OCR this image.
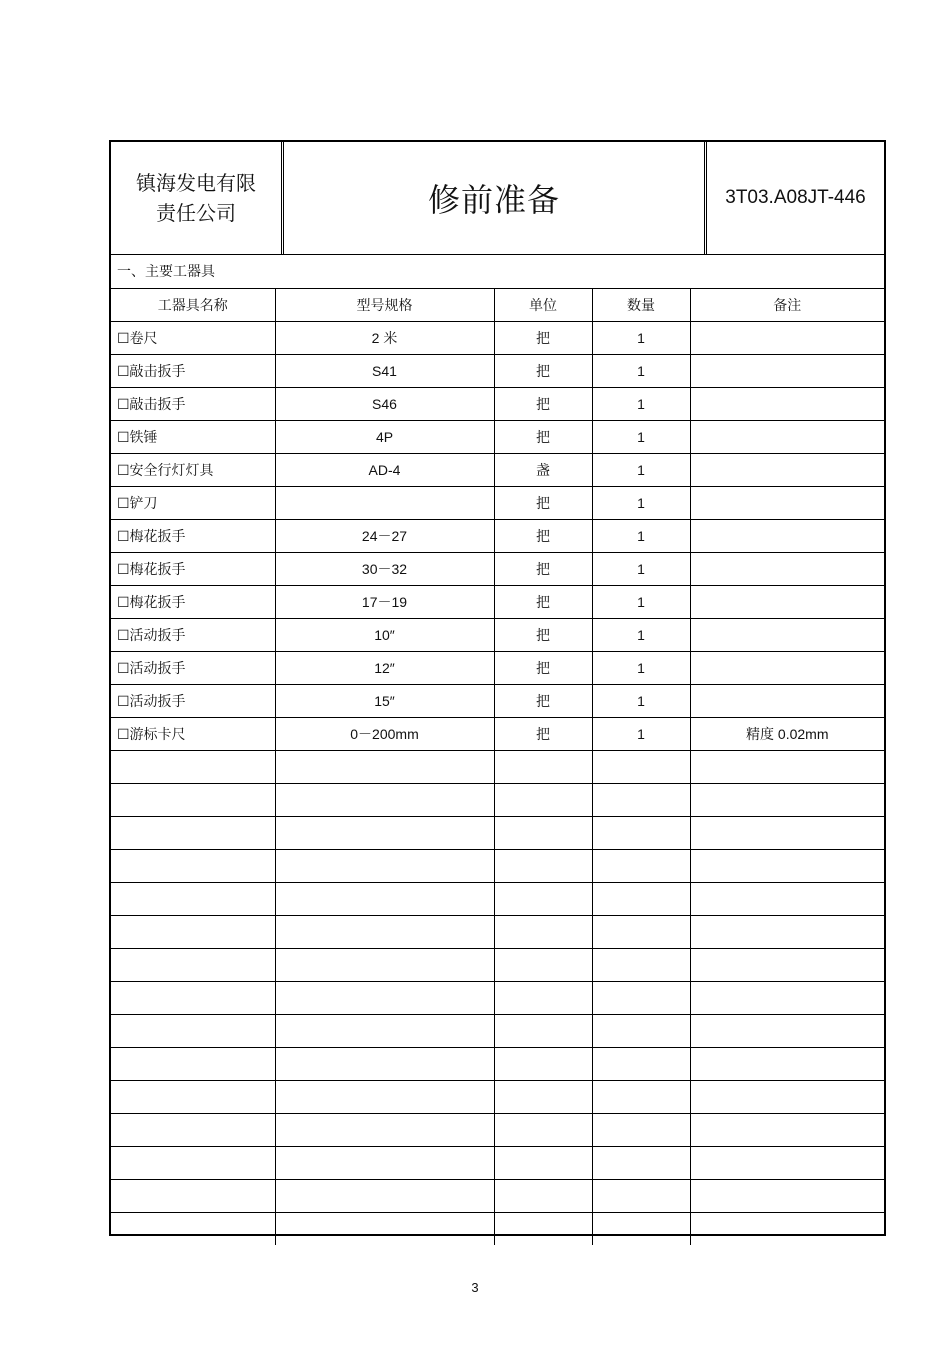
镇海发电有限
责任公司	修前准备	3T03.A08JT-446
一、主要工器具
工器具名称	型号规格	单位	数量	备注
☐卷尺	2 米	把	1	
☐敲击扳手	S41	把	1	
☐敲击扳手	S46	把	1	
☐铁锤	4P	把	1	
☐安全行灯灯具	AD-4	盏	1	
☐铲刀		把	1	
☐梅花扳手	24－27	把	1	
☐梅花扳手	30－32	把	1	
☐梅花扳手	17－19	把	1	
☐活动扳手	10″	把	1	
☐活动扳手	12″	把	1	
☐活动扳手	15″	把	1	
☐游标卡尺	0－200mm	把	1	精度 0.02mm

3
